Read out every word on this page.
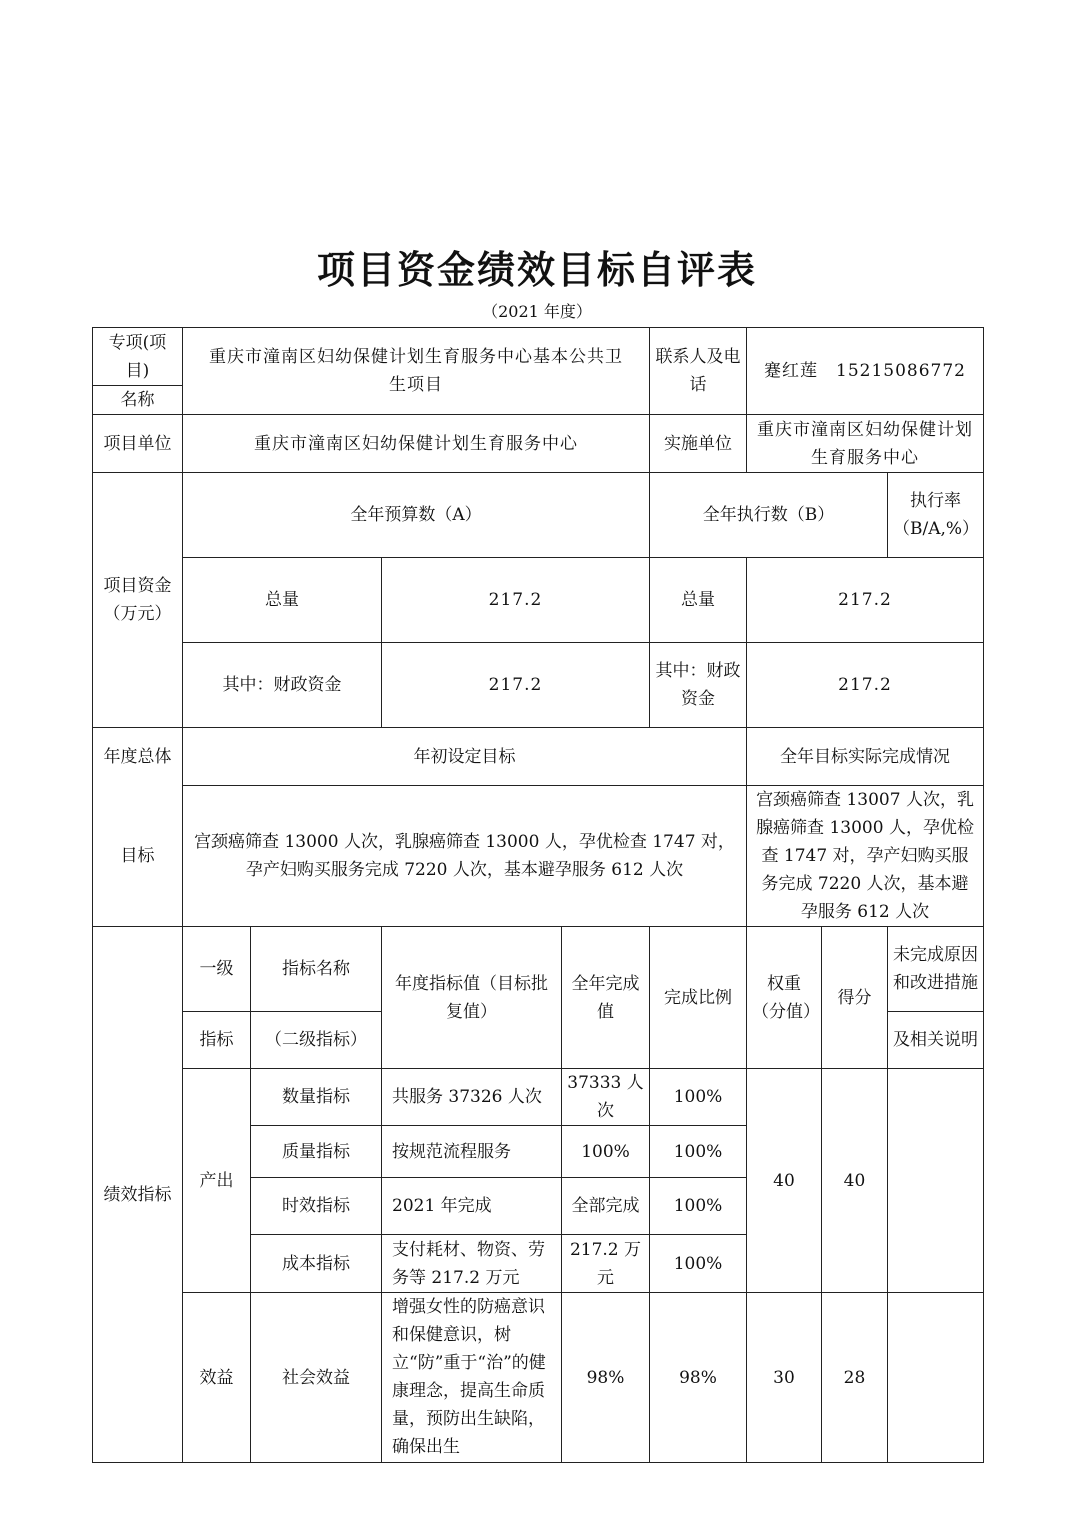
项目资金绩效目标自评表
（2021 年度）
专项(项目)	重庆市潼南区妇幼保健计划生育服务中心基本公共卫生项目				联系人及电话	蹇红莲　15215086772			
名称									
项目单位	重庆市潼南区妇幼保健计划生育服务中心				实施单位	重庆市潼南区妇幼保健计划生育服务中心			
项目资金（万元）	全年预算数（A）				全年执行数（B）			执行率（B/A,%）	
	总量		217.2		总量	217.2	
	其中：财政资金		217.2		其中：财政资金	217.2	
年度总体	年初设定目标					全年目标实际完成情况			
目标	宫颈癌筛查 13000 人次，乳腺癌筛查 13000 人，孕优检查 1747 对，孕产妇购买服务完成 7220 人次，基本避孕服务 612 人次					宫颈癌筛查 13007 人次，乳腺癌筛查 13000 人，孕优检查 1747 对，孕产妇购买服务完成 7220 人次，基本避孕服务 612 人次			
绩效指标	一级	指标名称	年度指标值（目标批复值）	全年完成值	完成比例	权重（分值）	得分	未完成原因和改进措施	
	指标	（二级指标）						及相关说明	
	产出	数量指标	共服务 37326 人次	37333 人次	100%	40	40		
		质量指标	按规范流程服务	100%	100%				
		时效指标	2021 年完成	全部完成	100%				
		成本指标	支付耗材、物资、劳务等 217.2 万元	217.2 万元	100%				
	效益	社会效益	增强女性的防癌意识和保健意识，树立“防”重于“治”的健康理念，提高生命质量，预防出生缺陷，确保出生	98%	98%	30	28		
